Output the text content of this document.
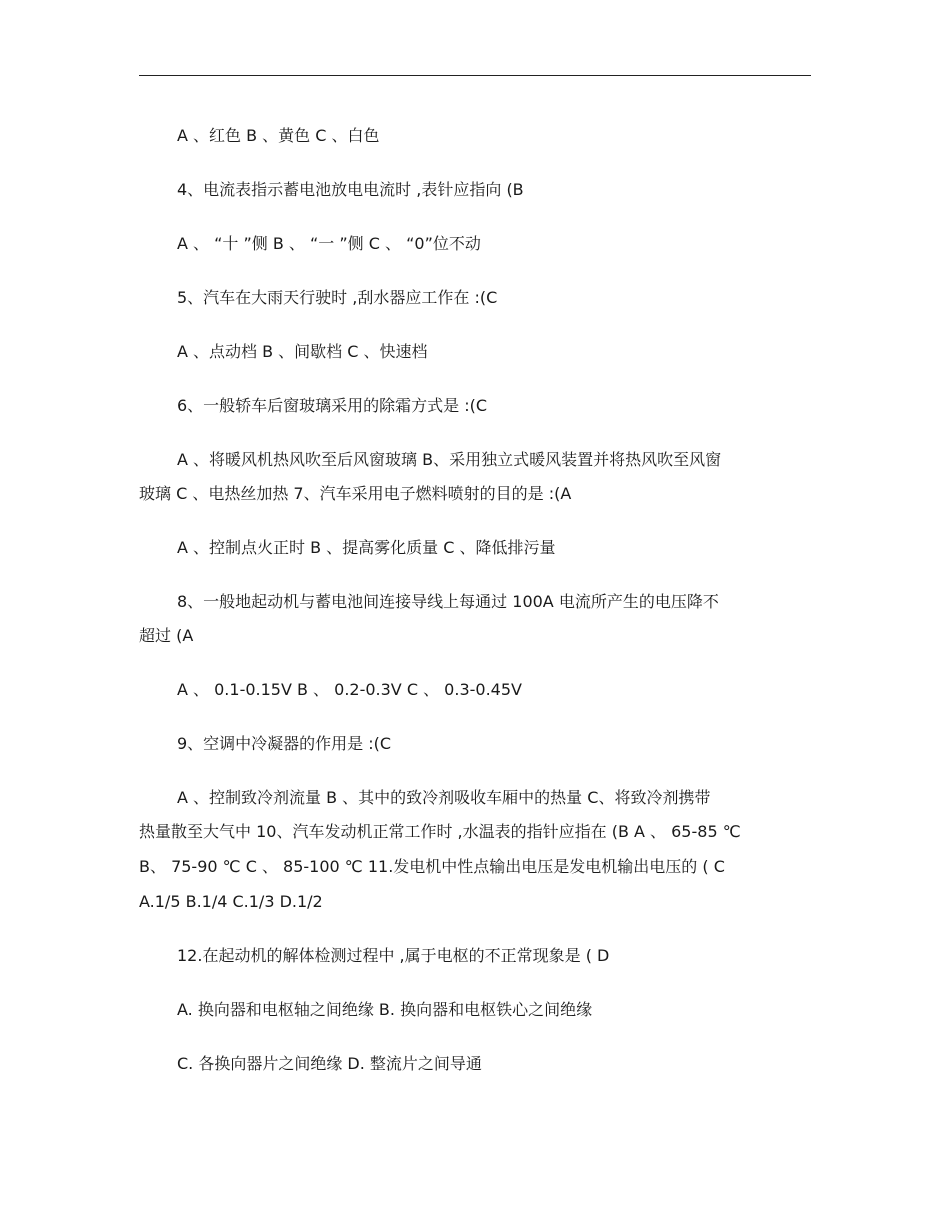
A 、红色 B 、黄色 C 、白色
4、电流表指示蓄电池放电电流时 ,表针应指向 (B
A 、 “十 ”侧 B 、 “一 ”侧 C 、 “0”位不动
5、汽车在大雨天行驶时 ,刮水器应工作在 :(C
A 、点动档 B 、间歇档 C 、快速档
6、一般轿车后窗玻璃采用的除霜方式是 :(C
A 、将暖风机热风吹至后风窗玻璃 B、采用独立式暖风装置并将热风吹至风窗
玻璃 C 、电热丝加热 7、汽车采用电子燃料喷射的目的是 :(A
A 、控制点火正时 B 、提高雾化质量 C 、降低排污量
8、一般地起动机与蓄电池间连接导线上每通过 100A 电流所产生的电压降不
超过 (A
A 、 0.1-0.15V B 、 0.2-0.3V C 、 0.3-0.45V
9、空调中冷凝器的作用是 :(C
A 、控制致冷剂流量 B 、其中的致冷剂吸收车厢中的热量 C、将致冷剂携带
热量散至大气中 10、汽车发动机正常工作时 ,水温表的指针应指在 (B A 、 65-85 ℃
B、 75-90 ℃ C 、 85-100 ℃ 11.发电机中性点输出电压是发电机输出电压的 ( C
A.1/5 B.1/4 C.1/3 D.1/2
12.在起动机的解体检测过程中 ,属于电枢的不正常现象是 ( D
A. 换向器和电枢轴之间绝缘 B. 换向器和电枢铁心之间绝缘
C. 各换向器片之间绝缘 D. 整流片之间导通
